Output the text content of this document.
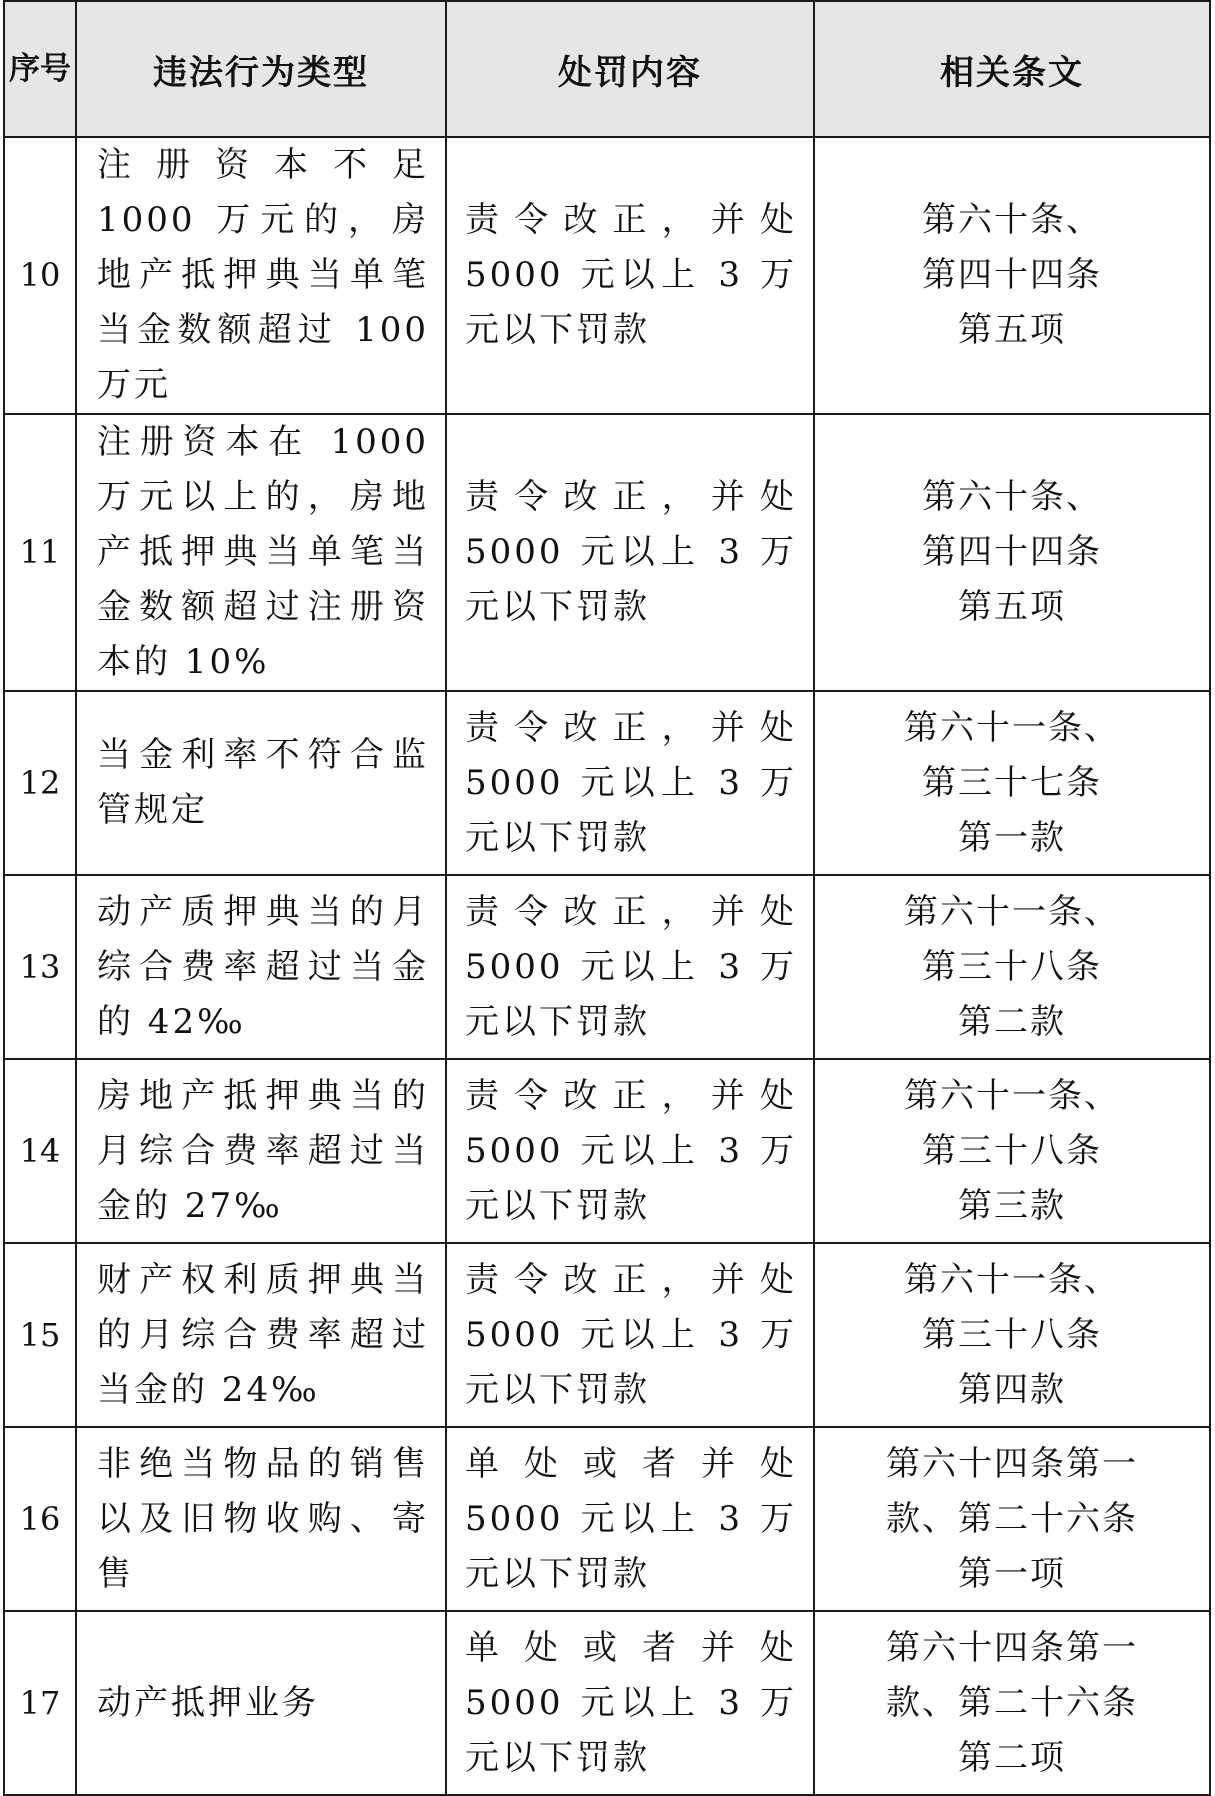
序号	违法行为类型	处罚内容	相关条文
10	注册资本不足 1000 万元的，房地产抵押典当单笔当金数额超过 100 万元	责令改正，并处 5000 元以上 3 万元以下罚款	第六十条、
第四十四条
第五项

11	注册资本在 1000 万元以上的，房地产抵押典当单笔当金数额超过注册资本的 10%	责令改正，并处 5000 元以上 3 万元以下罚款	第六十条、
第四十四条
第五项

12	当金利率不符合监管规定	责令改正，并处 5000 元以上 3 万元以下罚款	第六十一条、
第三十七条
第一款

13	动产质押典当的月综合费率超过当金的 42‰	责令改正，并处 5000 元以上 3 万元以下罚款	第六十一条、
第三十八条
第二款

14	房地产抵押典当的月综合费率超过当金的 27‰	责令改正，并处 5000 元以上 3 万元以下罚款	第六十一条、
第三十八条
第三款

15	财产权利质押典当的月综合费率超过当金的 24‰	责令改正，并处 5000 元以上 3 万元以下罚款	第六十一条、
第三十八条
第四款

16	非绝当物品的销售以及旧物收购、寄售	单处或者并处 5000 元以上 3 万元以下罚款	第六十四条第一
款、第二十六条
第一项

17	动产抵押业务	单处或者并处 5000 元以上 3 万元以下罚款	第六十四条第一
款、第二十六条
第二项
